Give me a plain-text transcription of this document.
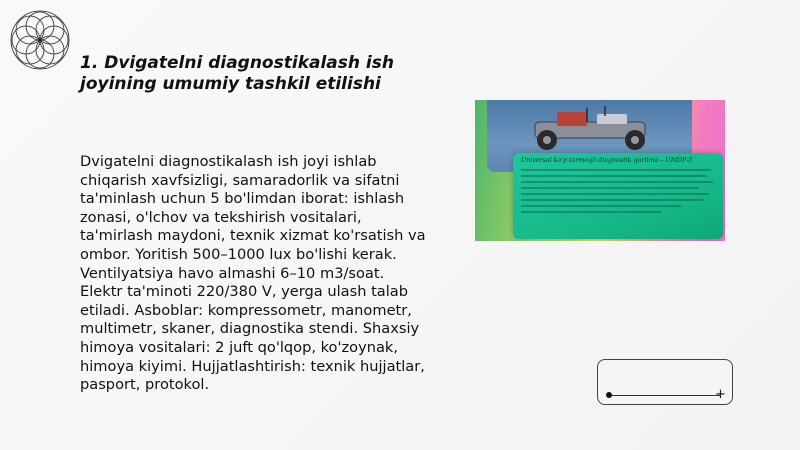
1. Dvigatelni diagnostikalash ish
joyining umumiy tashkil etilishi
Dvigatelni diagnostikalash ish joyi ishlab chiqarish xavfsizligi, samaradorlik va sifatni ta'minlash uchun 5 bo'limdan iborat: ishlash zonasi, o'lchov va tekshirish vositalari, ta'mirlash maydoni, texnik xizmat ko'rsatish va ombor. Yoritish 500–1000 lux bo'lishi kerak. Ventilyatsiya havo almashi 6–10 m3/soat. Elektr ta'minoti 220/380 V, yerga ulash talab etiladi. Asboblar: kompressometr, manometr, multimetr, skaner, diagnostika stendi. Shaxsiy himoya vositalari: 2 juft qo'lqop, ko'zoynak, himoya kiyimi. Hujjatlashtirish: texnik hujjatlar, pasport, protokol.
Universal ko'p tarmoqli diagnostik qurilma – UMDP-5
+
